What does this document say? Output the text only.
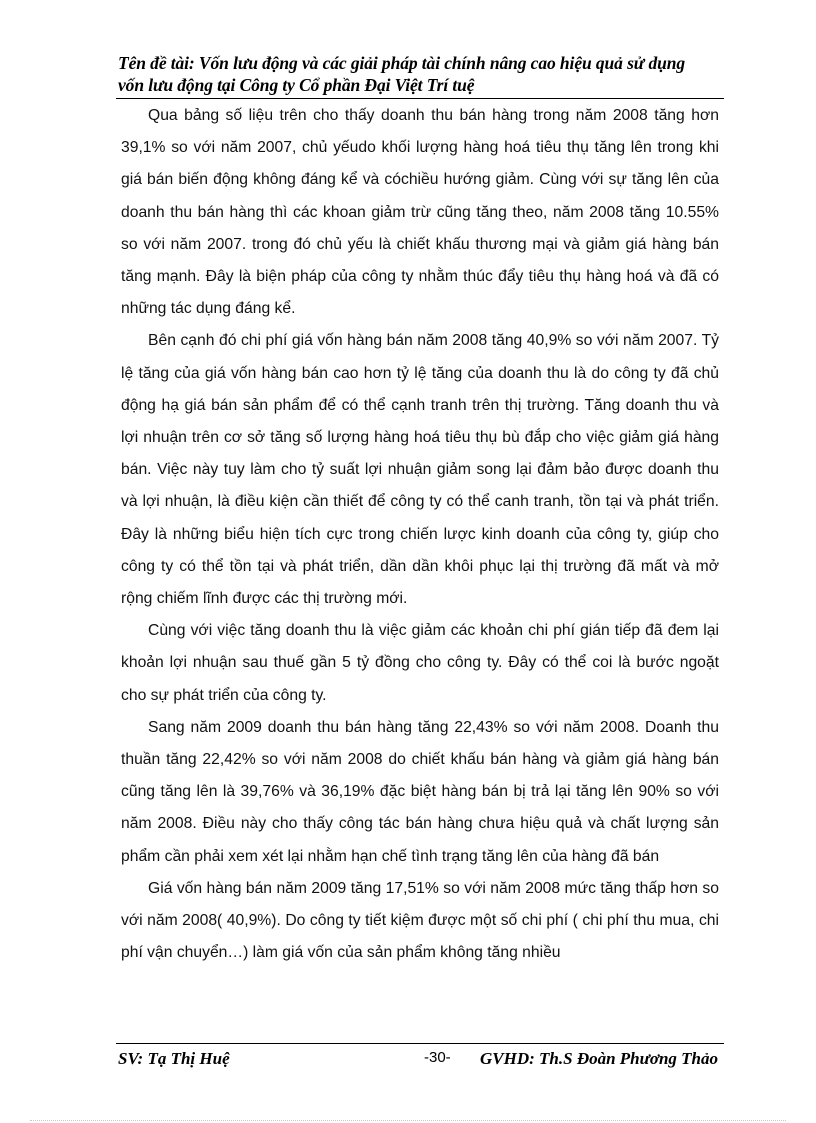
Tên đề tài: Vốn lưu động và các giải pháp tài chính nâng cao hiệu quả sử dụng
vốn lưu động tại Công ty Cổ phần Đại Việt Trí tuệ

Qua bảng số liệu trên cho thấy doanh thu bán hàng trong năm 2008 tăng hơn 39,1% so với năm 2007, chủ yếudo khối lượng hàng hoá tiêu thụ tăng lên trong khi giá bán biến động không đáng kể và cóchiều hướng giảm. Cùng với sự tăng lên của doanh thu bán hàng thì các khoan giảm trừ cũng tăng theo, năm 2008 tăng 10.55% so với năm 2007. trong đó chủ yếu là chiết khấu thương mại và giảm giá hàng bán tăng mạnh. Đây là biện pháp của công ty nhằm thúc đẩy tiêu thụ hàng hoá và đã có những tác dụng đáng kể.

Bên cạnh đó chi phí giá vốn hàng bán năm 2008 tăng 40,9% so với năm 2007. Tỷ lệ tăng của giá vốn hàng bán cao hơn tỷ lệ tăng của doanh thu là do công ty đã chủ động hạ giá bán sản phẩm để có thể cạnh tranh trên thị trường. Tăng doanh thu và lợi nhuận trên cơ sở tăng số lượng hàng hoá tiêu thụ bù đắp cho việc giảm giá hàng bán. Việc này tuy làm cho tỷ suất lợi nhuận giảm song lại đảm bảo được doanh thu và lợi nhuận, là điều kiện cần thiết để công ty có thể canh tranh, tồn tại và phát triển. Đây là những biểu hiện tích cực trong chiến lược kinh doanh của công ty, giúp cho công ty có thể tồn tại và phát triển, dần dần khôi phục lại thị trường đã mất và mở rộng chiếm lĩnh được các thị trường mới.

Cùng với việc tăng doanh thu là việc giảm các khoản chi phí gián tiếp đã đem lại khoản lợi nhuận sau thuế gần 5 tỷ đồng cho công ty. Đây có thể coi là bước ngoặt cho sự phát triển của công ty.

Sang năm 2009 doanh thu bán hàng tăng 22,43% so với năm 2008. Doanh thu thuần tăng 22,42% so với năm 2008 do chiết khấu bán hàng và giảm giá hàng bán cũng tăng lên là 39,76% và 36,19% đặc biệt hàng bán bị trả lại tăng lên 90% so với năm 2008. Điều này cho thấy công tác bán hàng chưa hiệu quả và chất lượng sản phẩm cần phải xem xét lại nhằm hạn chế tình trạng tăng lên của hàng đã bán

Giá vốn hàng bán năm 2009 tăng 17,51% so với năm 2008 mức tăng thấp hơn so với năm 2008( 40,9%). Do công ty tiết kiệm được một số chi phí ( chi phí thu mua, chi phí vận chuyển…) làm giá vốn của sản phẩm không tăng nhiều

SV: Tạ Thị Huệ	-30- GVHD: Th.S Đoàn Phương Thảo
